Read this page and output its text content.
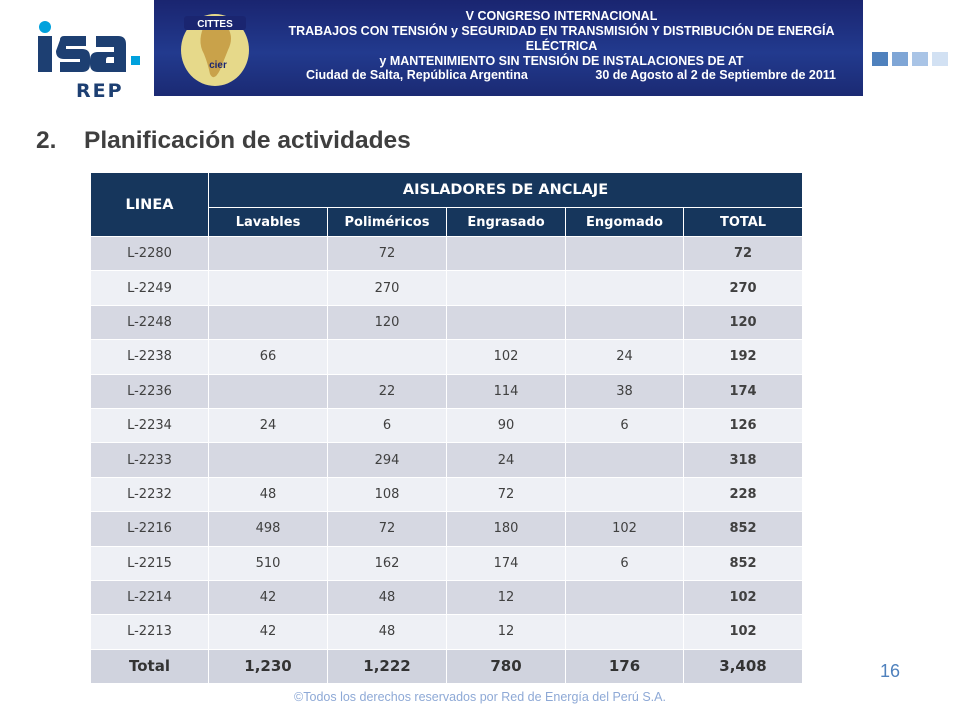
REP
CITTES
cier
V CONGRESO INTERNACIONAL
TRABAJOS CON TENSIÓN y SEGURIDAD EN TRANSMISIÓN Y DISTRIBUCIÓN DE ENERGÍA ELÉCTRICA
y MANTENIMIENTO SIN TENSIÓN DE INSTALACIONES DE AT
Ciudad de Salta, República Argentina	30 de Agosto al 2 de Septiembre de 2011
2. Planificación de actividades
LINEA	AISLADORES DE ANCLAJE				
	Lavables	Poliméricos	Engrasado	Engomado	TOTAL
L-2280		72			72
L-2249		270			270
L-2248		120			120
L-2238	66		102	24	192
L-2236		22	114	38	174
L-2234	24	6	90	6	126
L-2233		294	24		318
L-2232	48	108	72		228
L-2216	498	72	180	102	852
L-2215	510	162	174	6	852
L-2214	42	48	12		102
L-2213	42	48	12		102
Total	1,230	1,222	780	176	3,408	16
©Todos los derechos reservados por Red de Energía del Perú S.A.
